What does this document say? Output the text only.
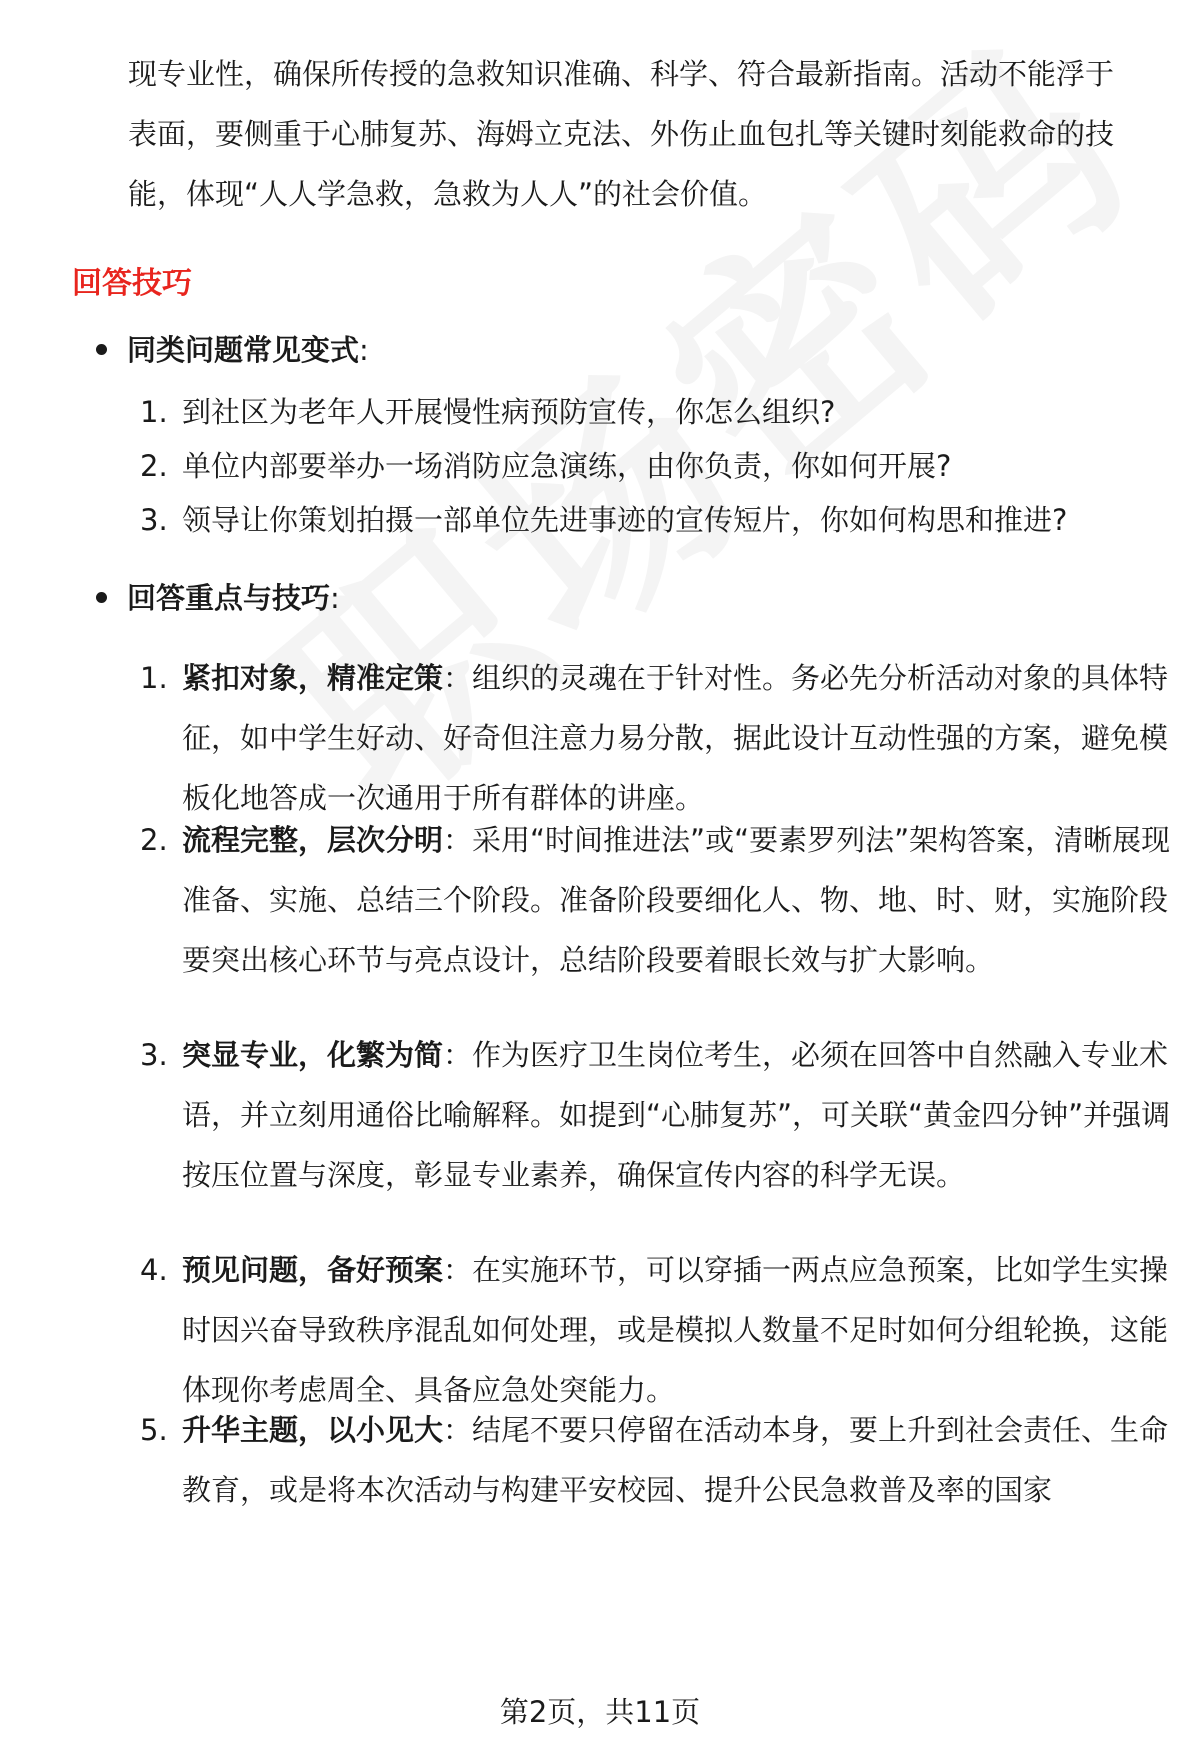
现专业性，确保所传授的急救知识准确、科学、符合最新指南。活动不能浮于表面，要侧重于心肺复苏、海姆立克法、外伤止血包扎等关键时刻能救命的技能，体现“人人学急救，急救为人人”的社会价值。

回答技巧
同类问题常见变式:
1. 到社区为老年人开展慢性病预防宣传，你怎么组织?
2. 单位内部要举办一场消防应急演练，由你负责，你如何开展?
3. 领导让你策划拍摄一部单位先进事迹的宣传短片，你如何构思和推进?
回答重点与技巧:
1. 紧扣对象，精准定策：组织的灵魂在于针对性。务必先分析活动对象的具体特征，如中学生好动、好奇但注意力易分散，据此设计互动性强的方案，避免模板化地答成一次通用于所有群体的讲座。
2. 流程完整，层次分明：采用“时间推进法”或“要素罗列法”架构答案，清晰展现准备、实施、总结三个阶段。准备阶段要细化人、物、地、时、财，实施阶段要突出核心环节与亮点设计，总结阶段要着眼长效与扩大影响。
3. 突显专业，化繁为简：作为医疗卫生岗位考生，必须在回答中自然融入专业术语，并立刻用通俗比喻解释。如提到“心肺复苏”，可关联“黄金四分钟”并强调按压位置与深度，彰显专业素养，确保宣传内容的科学无误。
4. 预见问题，备好预案：在实施环节，可以穿插一两点应急预案，比如学生实操时因兴奋导致秩序混乱如何处理，或是模拟人数量不足时如何分组轮换，这能体现你考虑周全、具备应急处突能力。
5. 升华主题，以小见大：结尾不要只停留在活动本身，要上升到社会责任、生命教育，或是将本次活动与构建平安校园、提升公民急救普及率的国家
第2页，共11页
